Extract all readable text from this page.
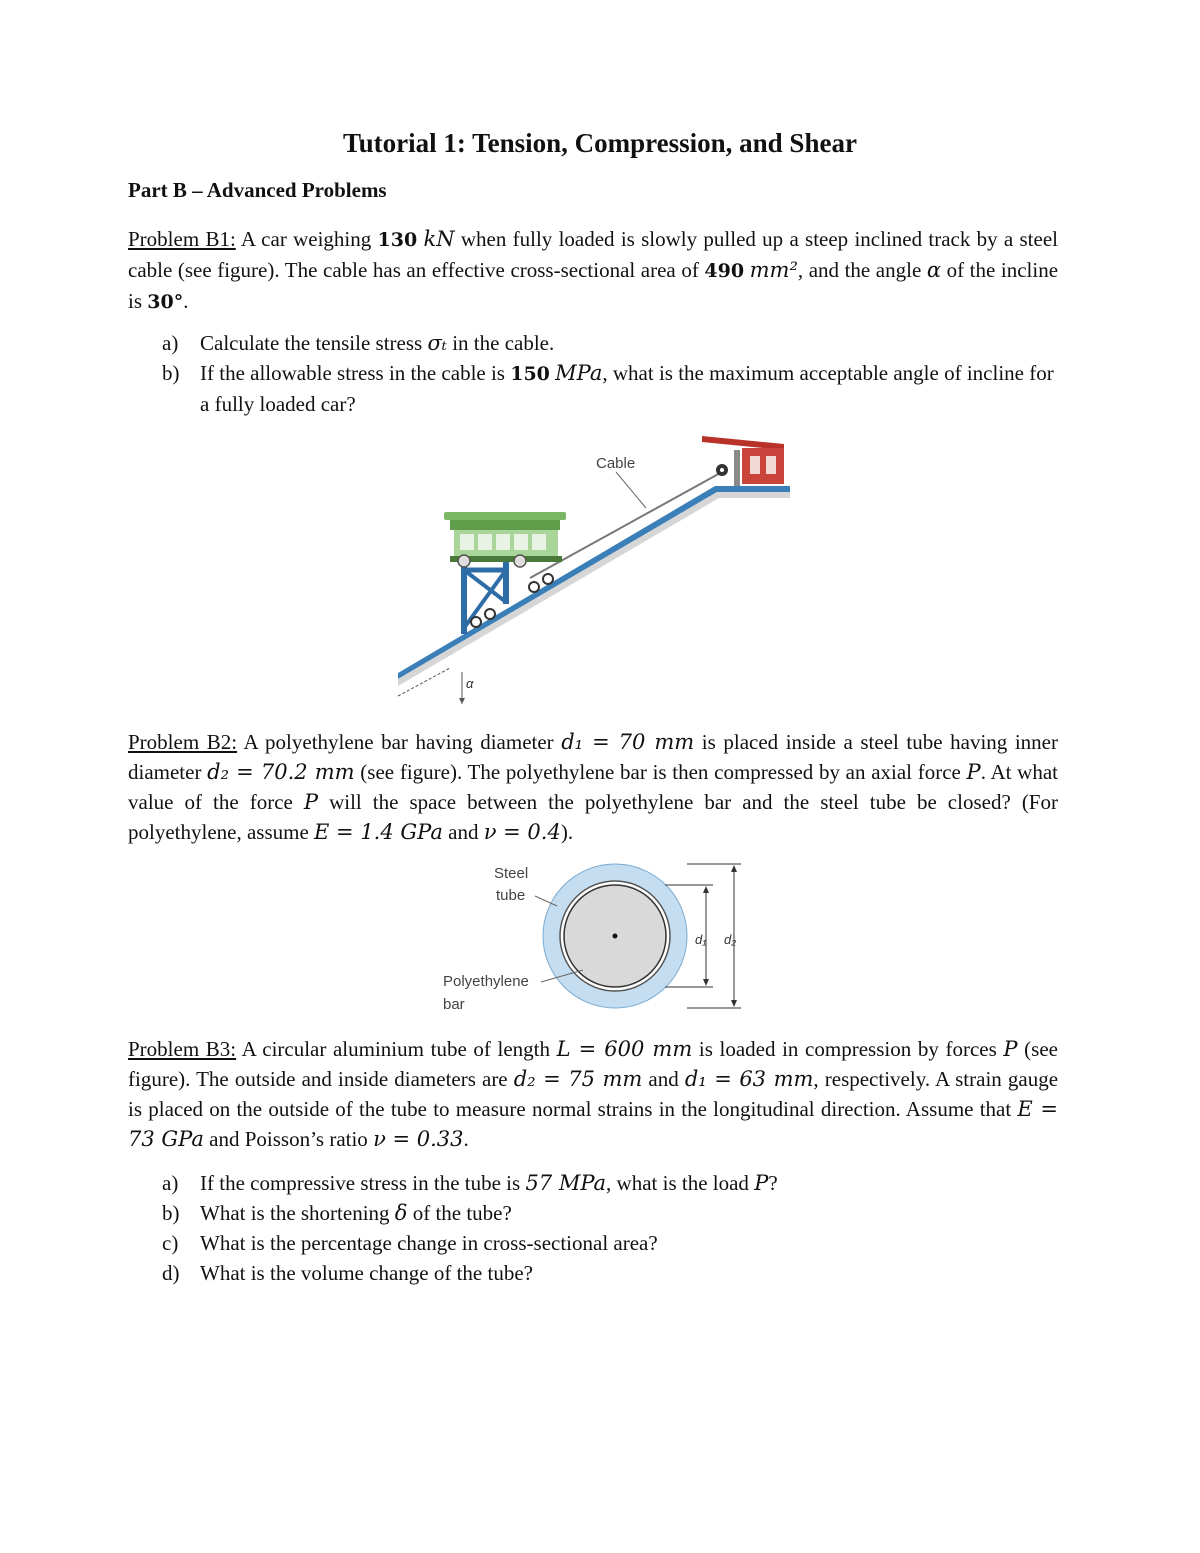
Tutorial 1: Tension, Compression, and Shear
Part B – Advanced Problems
Problem B1: A car weighing 130 kN when fully loaded is slowly pulled up a steep inclined track by a steel cable (see figure). The cable has an effective cross-sectional area of 490 mm², and the angle α of the incline is 30°.
a) Calculate the tensile stress σₜ in the cable.
b) If the allowable stress in the cable is 150 MPa, what is the maximum acceptable angle of incline for a fully loaded car?
Cable
α
Problem B2: A polyethylene bar having diameter d₁ = 70 mm is placed inside a steel tube having inner diameter d₂ = 70.2 mm (see figure). The polyethylene bar is then compressed by an axial force P. At what value of the force P will the space between the polyethylene bar and the steel tube be closed? (For polyethylene, assume E = 1.4 GPa and ν = 0.4).
d₁ d₂
Steel
tube
Polyethylene
bar
Problem B3: A circular aluminium tube of length L = 600 mm is loaded in compression by forces P (see figure). The outside and inside diameters are d₂ = 75 mm and d₁ = 63 mm, respectively. A strain gauge is placed on the outside of the tube to measure normal strains in the longitudinal direction. Assume that E = 73 GPa and Poisson’s ratio ν = 0.33.
a) If the compressive stress in the tube is 57 MPa, what is the load P?
b) What is the shortening δ of the tube?
c) What is the percentage change in cross-sectional area?
d) What is the volume change of the tube?
